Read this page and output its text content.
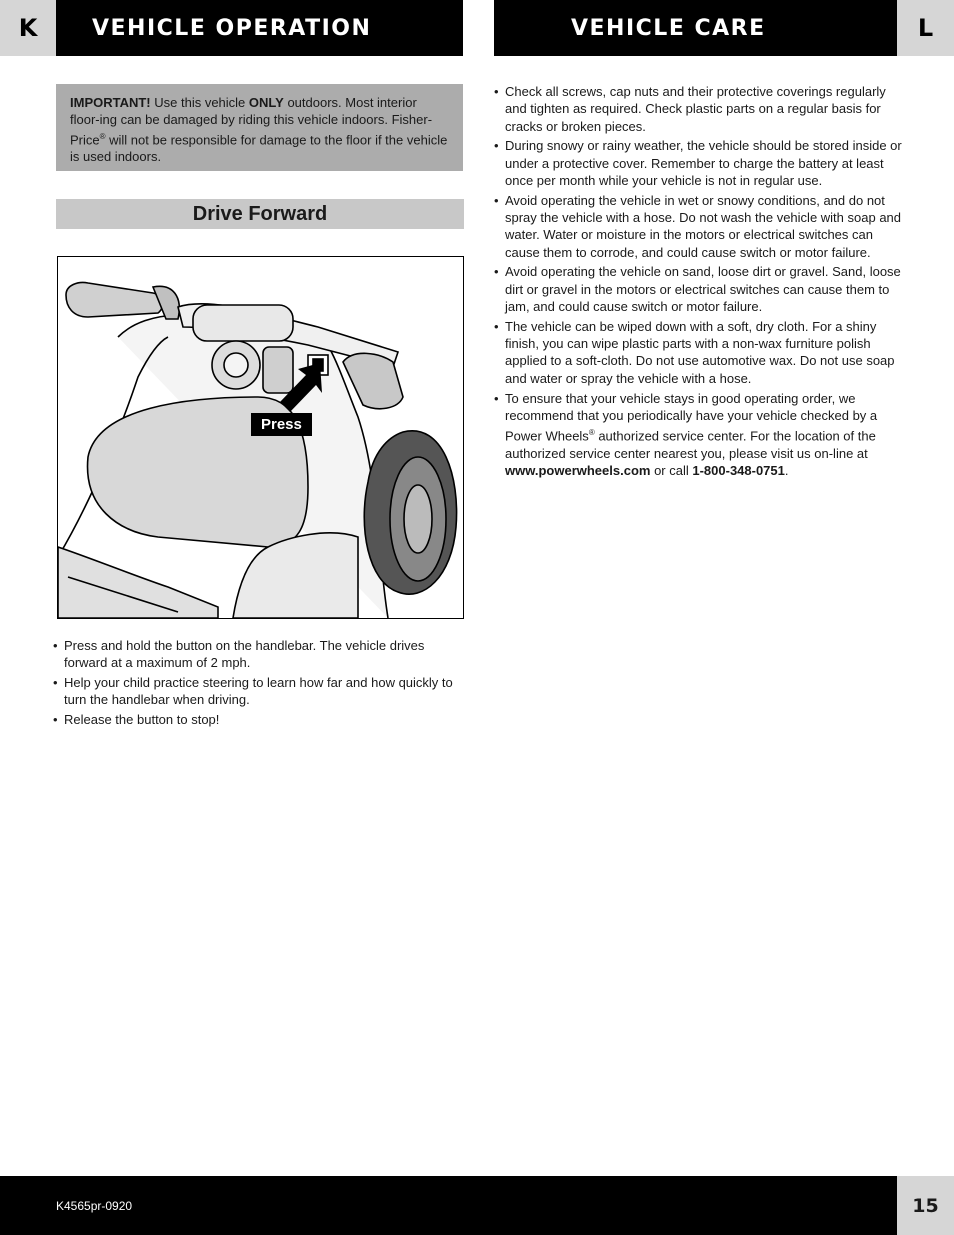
K	VEHICLE OPERATION	VEHICLE CARE	L
IMPORTANT! Use this vehicle ONLY outdoors. Most interior floor-ing can be damaged by riding this vehicle indoors. Fisher-Price® will not be responsible for damage to the floor if the vehicle is used indoors.
Drive Forward
Press
• Press and hold the button on the handlebar. The vehicle drives forward at a maximum of 2 mph.
• Help your child practice steering to learn how far and how quickly to turn the handlebar when driving.
• Release the button to stop!
• Check all screws, cap nuts and their protective coverings regularly and tighten as required. Check plastic parts on a regular basis for cracks or broken pieces.
• During snowy or rainy weather, the vehicle should be stored inside or under a protective cover. Remember to charge the battery at least once per month while your vehicle is not in regular use.
• Avoid operating the vehicle in wet or snowy conditions, and do not spray the vehicle with a hose. Do not wash the vehicle with soap and water. Water or moisture in the motors or electrical switches can cause them to corrode, and could cause switch or motor failure.
• Avoid operating the vehicle on sand, loose dirt or gravel. Sand, loose dirt or gravel in the motors or electrical switches can cause them to jam, and could cause switch or motor failure.
• The vehicle can be wiped down with a soft, dry cloth. For a shiny finish, you can wipe plastic parts with a non-wax furniture polish applied to a soft-cloth. Do not use automotive wax. Do not use soap and water or spray the vehicle with a hose.
• To ensure that your vehicle stays in good operating order, we recommend that you periodically have your vehicle checked by a Power Wheels® authorized service center. For the location of the authorized service center nearest you, please visit us on-line at www.powerwheels.com or call 1-800-348-0751.
K4565pr-0920	15
